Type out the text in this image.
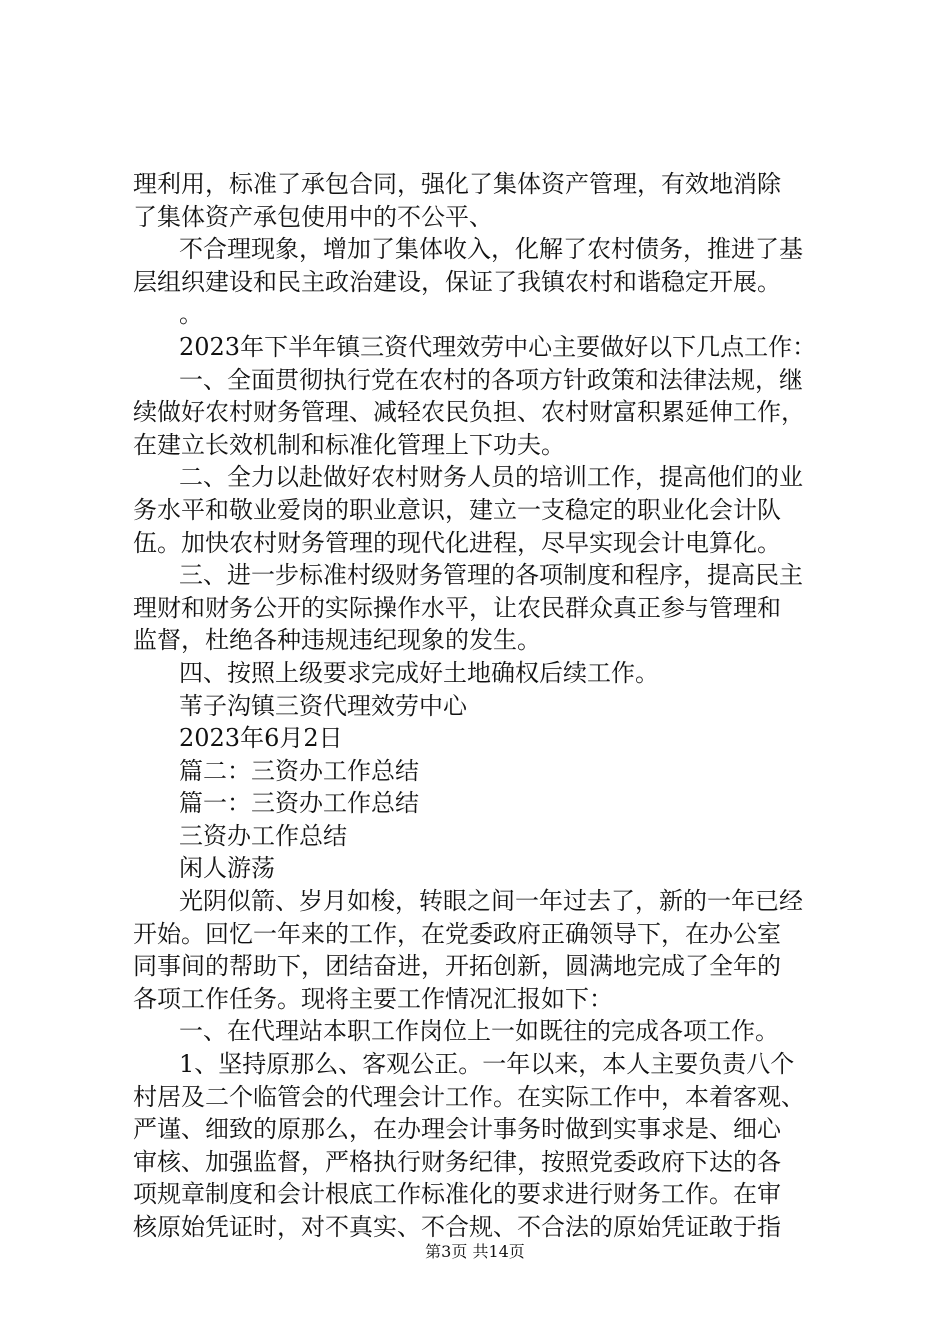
理利用，标准了承包合同，强化了集体资产管理，有效地消除
了集体资产承包使用中的不公平、
不合理现象，增加了集体收入，化解了农村债务，推进了基
层组织建设和民主政治建设，保证了我镇农村和谐稳定开展。
。
2023年下半年镇三资代理效劳中心主要做好以下几点工作：
一、全面贯彻执行党在农村的各项方针政策和法律法规，继
续做好农村财务管理、减轻农民负担、农村财富积累延伸工作，
在建立长效机制和标准化管理上下功夫。
二、全力以赴做好农村财务人员的培训工作，提高他们的业
务水平和敬业爱岗的职业意识，建立一支稳定的职业化会计队
伍。加快农村财务管理的现代化进程，尽早实现会计电算化。
三、进一步标准村级财务管理的各项制度和程序，提高民主
理财和财务公开的实际操作水平，让农民群众真正参与管理和
监督，杜绝各种违规违纪现象的发生。
四、按照上级要求完成好土地确权后续工作。
苇子沟镇三资代理效劳中心
2023年6月2日
篇二：三资办工作总结
篇一：三资办工作总结
三资办工作总结
闲人游荡
光阴似箭、岁月如梭，转眼之间一年过去了，新的一年已经
开始。回忆一年来的工作，在党委政府正确领导下，在办公室
同事间的帮助下，团结奋进，开拓创新，圆满地完成了全年的
各项工作任务。现将主要工作情况汇报如下：
一、在代理站本职工作岗位上一如既往的完成各项工作。
1、坚持原那么、客观公正。一年以来，本人主要负责八个
村居及二个临管会的代理会计工作。在实际工作中，本着客观、
严谨、细致的原那么，在办理会计事务时做到实事求是、细心
审核、加强监督，严格执行财务纪律，按照党委政府下达的各
项规章制度和会计根底工作标准化的要求进行财务工作。在审
核原始凭证时，对不真实、不合规、不合法的原始凭证敢于指
第3页 共14页
